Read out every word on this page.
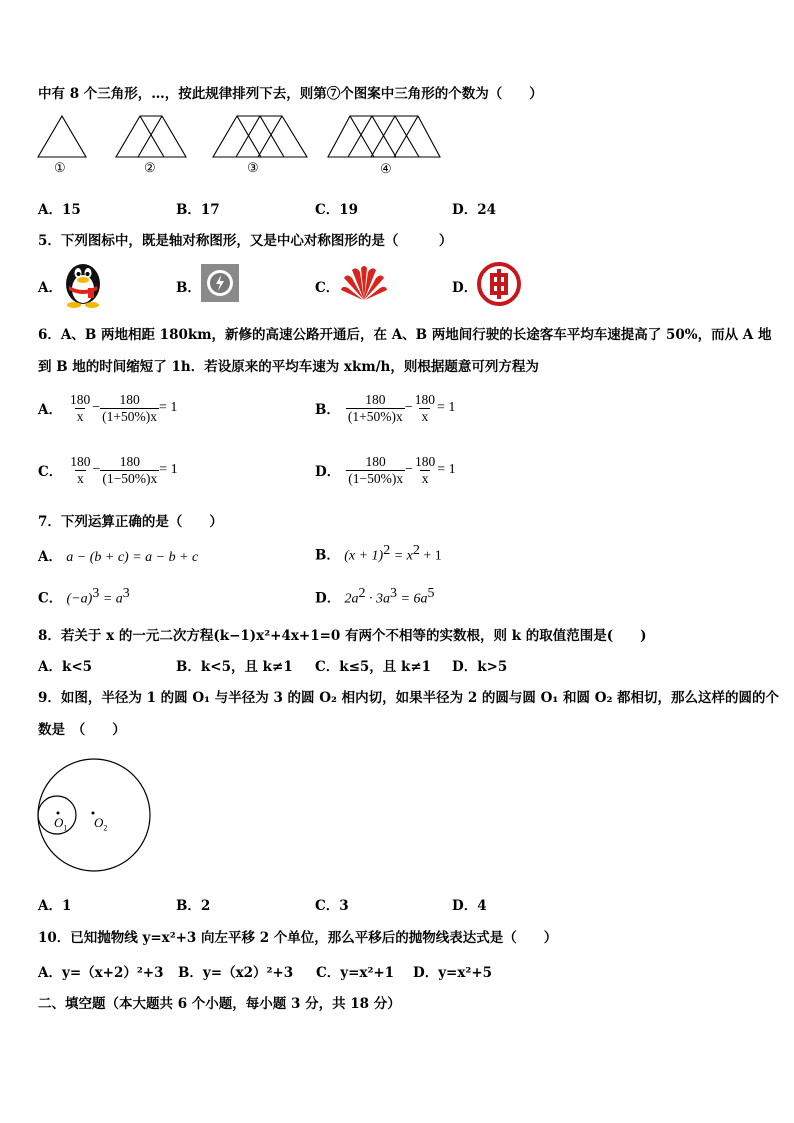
中有 8 个三角形，…，按此规律排列下去，则第⑦个图案中三角形的个数为（　　）
①	②	③	④
A．15	B．17	C．19	D．24
5．下列图标中，既是轴对称图形，又是中心对称图形的是（　　　）
A．	B．	C．	D．
6．A、B 两地相距 180km，新修的高速公路开通后，在 A、B 两地间行驶的长途客车平均车速提高了 50%，而从 A 地
到 B 地的时间缩短了 1h．若设原来的平均车速为 xkm/h，则根据题意可列方程为
A． $\frac{180}{x} - \frac{180}{(1+50\%)x} = 1$	B． $\frac{180}{(1+50\%)x} - \frac{180}{x} = 1$
C． $\frac{180}{x} - \frac{180}{(1-50\%)x} = 1$	D． $\frac{180}{(1-50\%)x} - \frac{180}{x} = 1$
7．下列运算正确的是（　　）
A． a − (b + c) = a − b + c	B． $(x + 1)^2 = x^2 + 1$
C． $(-a)^3 = a^3$	D． $2a^2 \cdot 3a^3 = 6a^5$
8．若关于 x 的一元二次方程(k−1)x²+4x+1=0 有两个不相等的实数根，则 k 的取值范围是(　　)
A．k<5	B．k<5，且 k≠1 C．k≤5，且 k≠1 D．k>5
9．如图，半径为 1 的圆 O₁ 与半径为 3 的圆 O₂ 相内切，如果半径为 2 的圆与圆 O₁ 和圆 O₂ 都相切，那么这样的圆的个
数是　（　　）
$O_1$ $O_2$
A．1	B．2	C．3	D．4
10．已知抛物线 y=x²+3 向左平移 2 个单位，那么平移后的抛物线表达式是（　　）
A．y=（x+2）²+3 B．y=（x2）²+3 C．y=x²+1 D．y=x²+5
二、填空题（本大题共 6 个小题，每小题 3 分，共 18 分）
